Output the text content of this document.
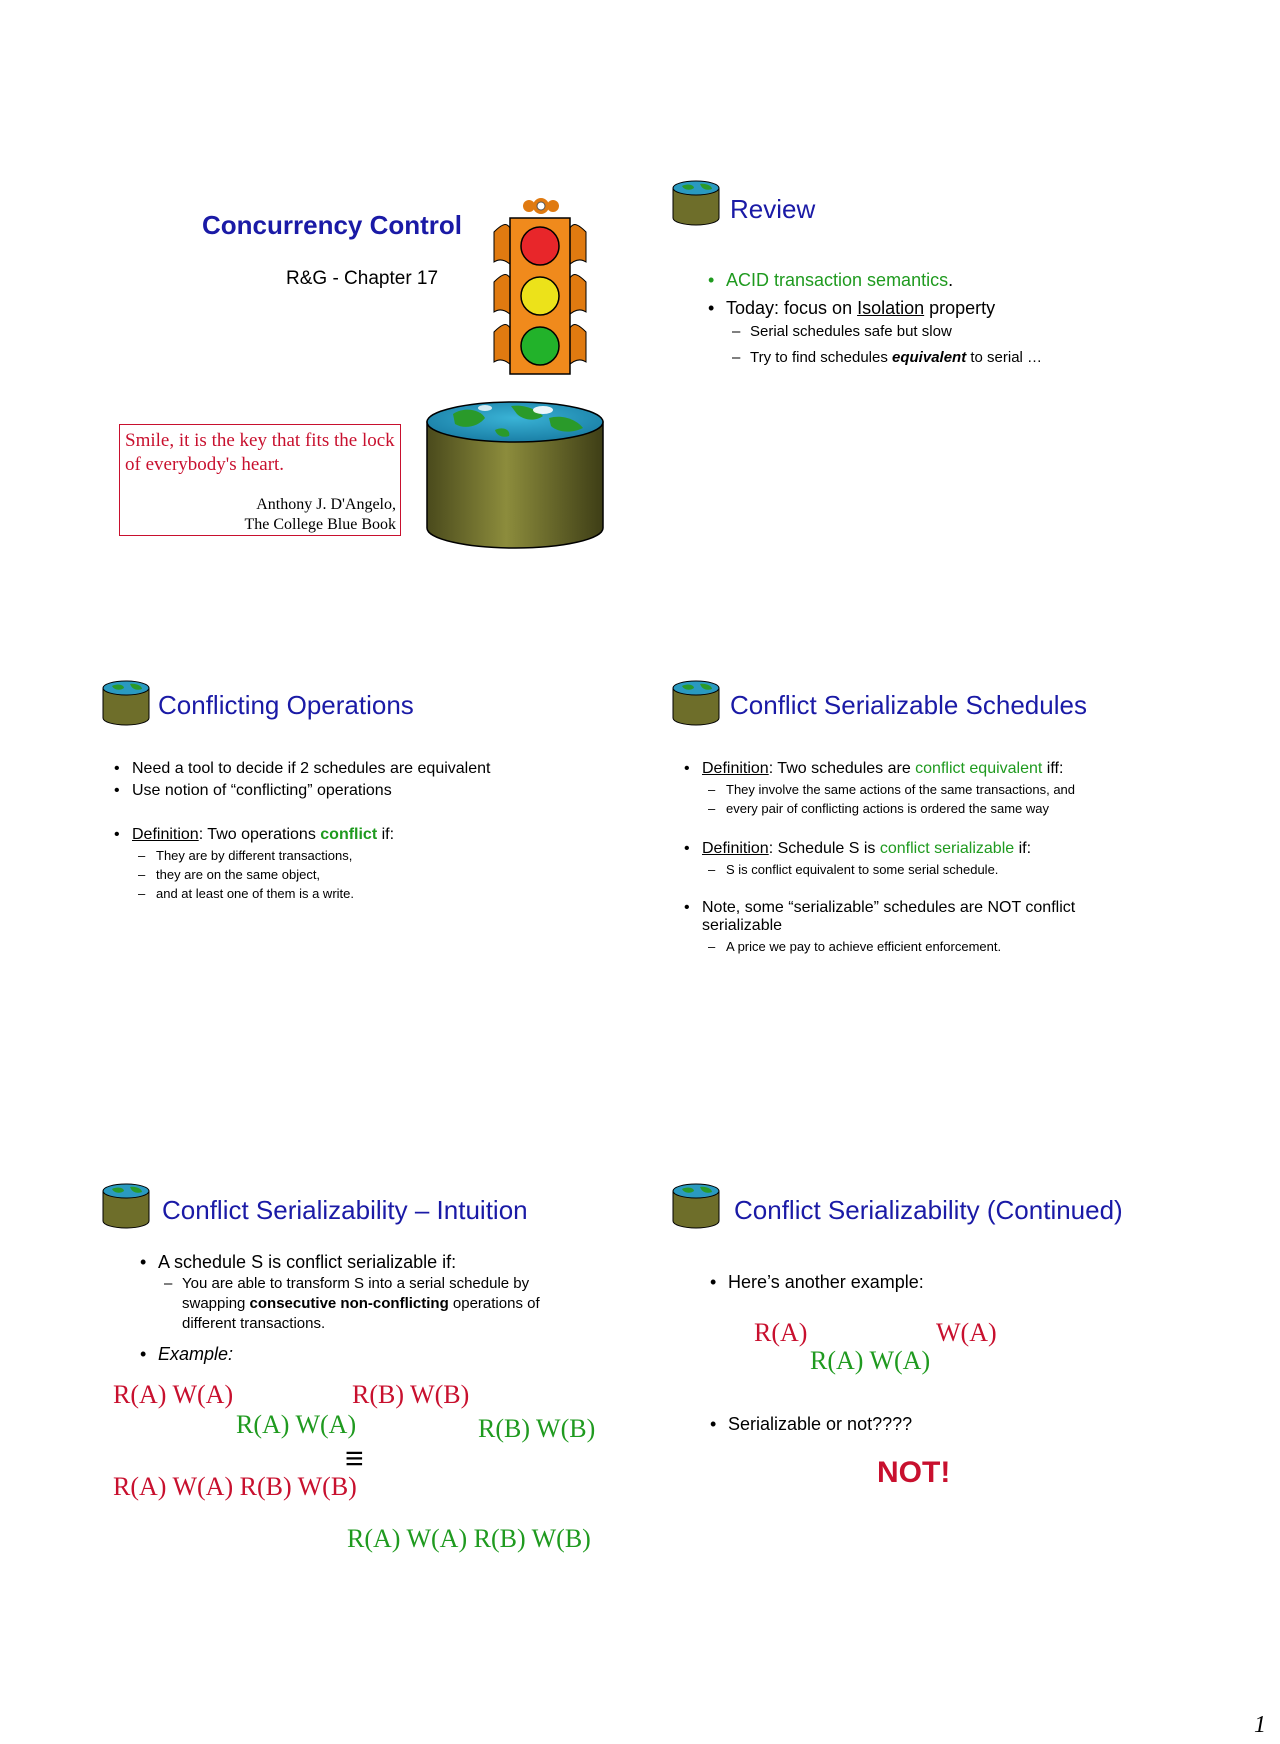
Concurrency Control
R&G - Chapter 17
Smile, it is the key that fits the lock of everybody's heart.
Anthony J. D'Angelo,
The College Blue Book
Review
• ACID transaction semantics.
• Today: focus on Isolation property
– Serial schedules safe but slow
– Try to find schedules equivalent to serial …
Conflicting Operations
• Need a tool to decide if 2 schedules are equivalent
• Use notion of “conflicting” operations
• Definition: Two operations conflict if:
– They are by different transactions,
– they are on the same object,
– and at least one of them is a write.
Conflict Serializable Schedules
• Definition: Two schedules are conflict equivalent iff:
– They involve the same actions of the same transactions, and
– every pair of conflicting actions is ordered the same way
• Definition: Schedule S is conflict serializable if:
– S is conflict equivalent to some serial schedule.
• Note, some “serializable” schedules are NOT conflict serializable
– A price we pay to achieve efficient enforcement.
Conflict Serializability – Intuition
• A schedule S is conflict serializable if:
– You are able to transform S into a serial schedule by swapping consecutive non-conflicting operations of different transactions.
• Example:
R(A) W(A)	R(B) W(B)
R(A) W(A)	R(B) W(B)
≡
R(A) W(A) R(B) W(B)
R(A) W(A) R(B) W(B)
Conflict Serializability (Continued)
• Here’s another example:
R(A)	W(A)
R(A) W(A)
• Serializable or not????
NOT!
1
